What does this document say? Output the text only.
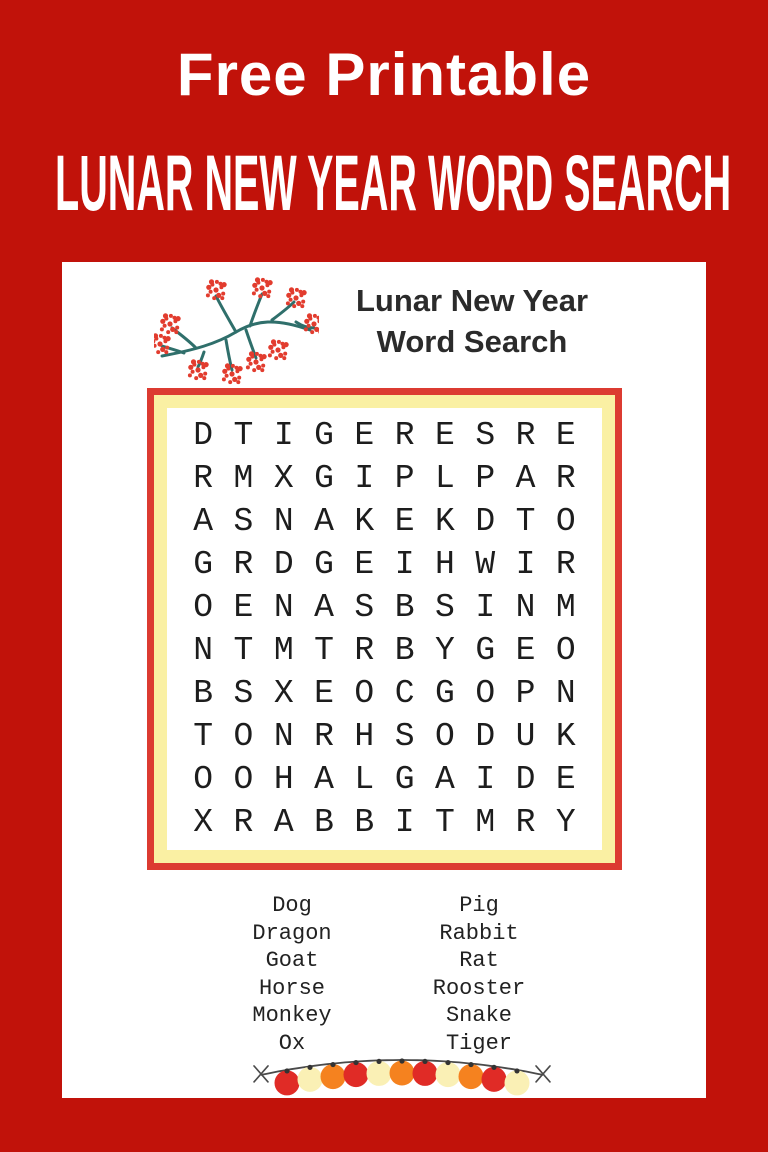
Free Printable
LUNAR NEW YEAR WORD SEARCH
Lunar New Year
Word Search
D T I G E R E S R E
R M X G I P L P A R
A S N A K E K D T O
G R D G E I H W I R
O E N A S B S I N M
N T M T R B Y G E O
B S X E O C G O P N
T O N R H S O D U K
O O H A L G A I D E
X R A B B I T M R Y
Dog
Dragon
Goat
Horse
Monkey
Ox
Pig
Rabbit
Rat
Rooster
Snake
Tiger
